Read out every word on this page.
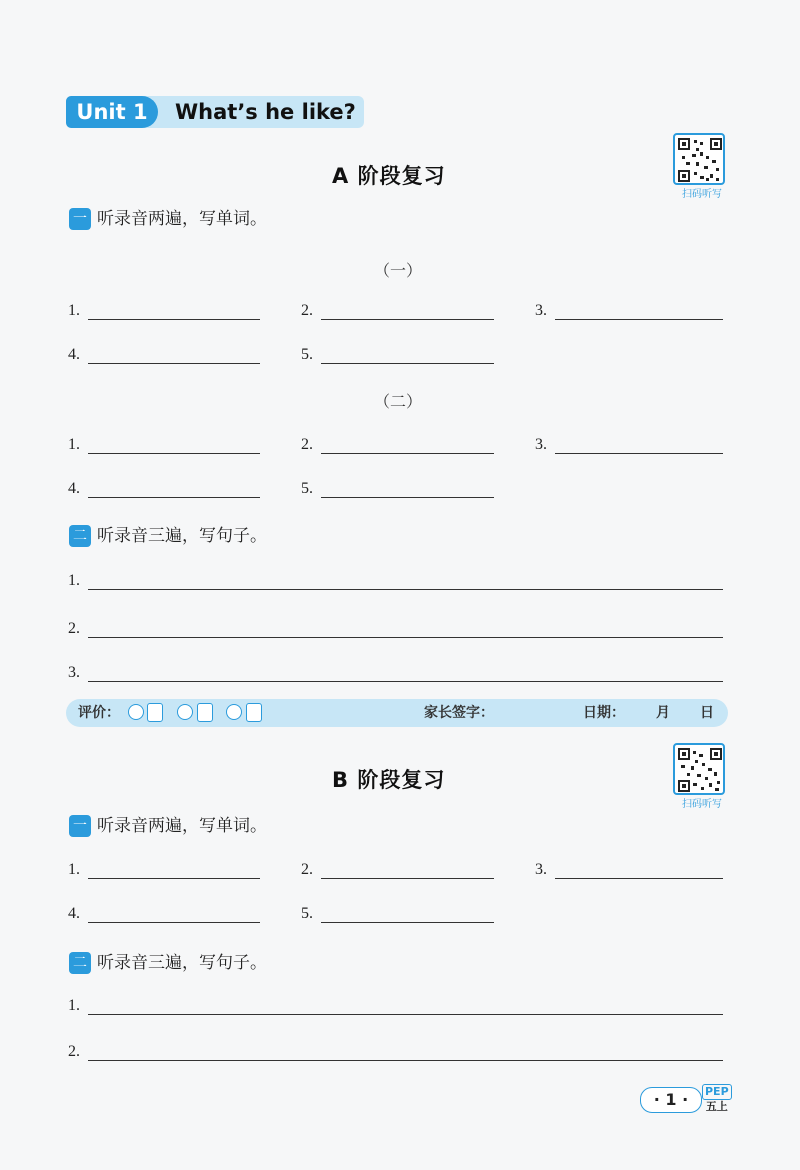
Unit 1	What’s he like?
A 阶段复习
扫码听写
一 听录音两遍，写单词。
（一）
1.	2.	3.
4.	5.
（二）
1.	2.	3.
4.	5.
二 听录音三遍，写句子。
1.
2.
3.
评价：	家长签字：	日期： 月 日
B 阶段复习
扫码听写
一 听录音两遍，写单词。
1.	2.	3.
4.	5.
二 听录音三遍，写句子。
1.
2.
· 1 ·	PEP
五上
